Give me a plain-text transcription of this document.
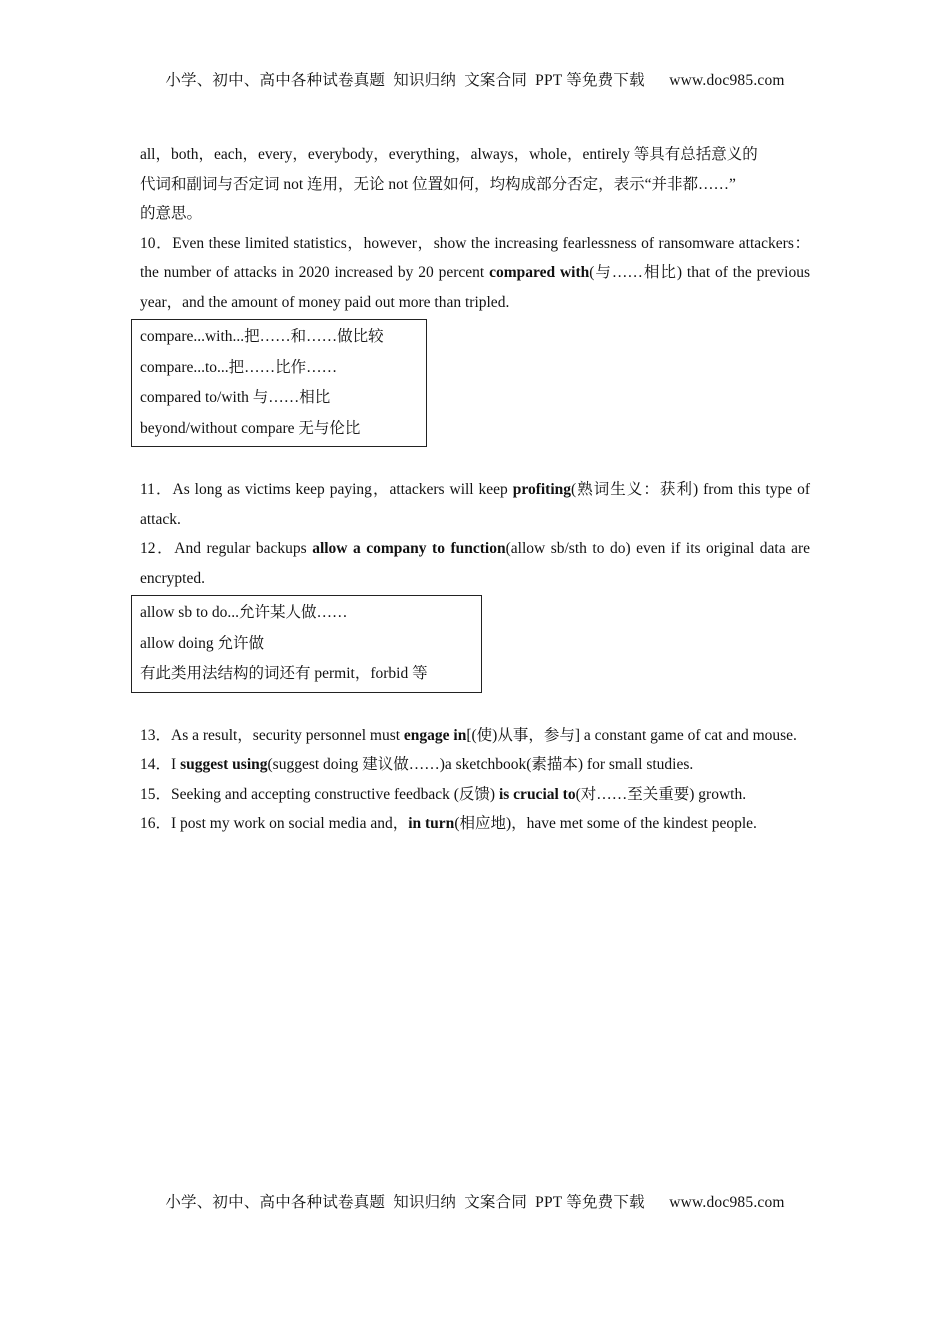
小学、初中、高中各种试卷真题  知识归纳  文案合同  PPT 等免费下载 www.doc985.com

all，both，each，every，everybody，everything，always，whole，entirely 等具有总括意义的
代词和副词与否定词 not 连用，无论 not 位置如何，均构成部分否定，表示“并非都……”
的意思。

10．Even these limited statistics，however，show the increasing fearlessness of ransomware attackers：the number of attacks in 2020 increased by 20 percent compared with(与……相比) that of the previous year，and the amount of money paid out more than tripled.

compare...with...把……和……做比较
compare...to...把……比作……
compared to/with 与……相比
beyond/without compare 无与伦比

11．As long as victims keep paying，attackers will keep profiting(熟词生义：获利) from this type of attack.

12．And regular backups allow a company to function(allow sb/sth to do) even if its original data are encrypted.

allow sb to do...允许某人做……
allow doing 允许做
有此类用法结构的词还有 permit，forbid 等

13．As a result，security personnel must engage in[(使)从事，参与] a constant game of cat and mouse.

14．I suggest using(suggest doing 建议做……)a sketchbook(素描本) for small studies.

15．Seeking and accepting constructive feedback (反馈) is crucial to(对……至关重要) growth.

16．I post my work on social media and，in turn(相应地)，have met some of the kindest people.

小学、初中、高中各种试卷真题  知识归纳  文案合同  PPT 等免费下载 www.doc985.com
